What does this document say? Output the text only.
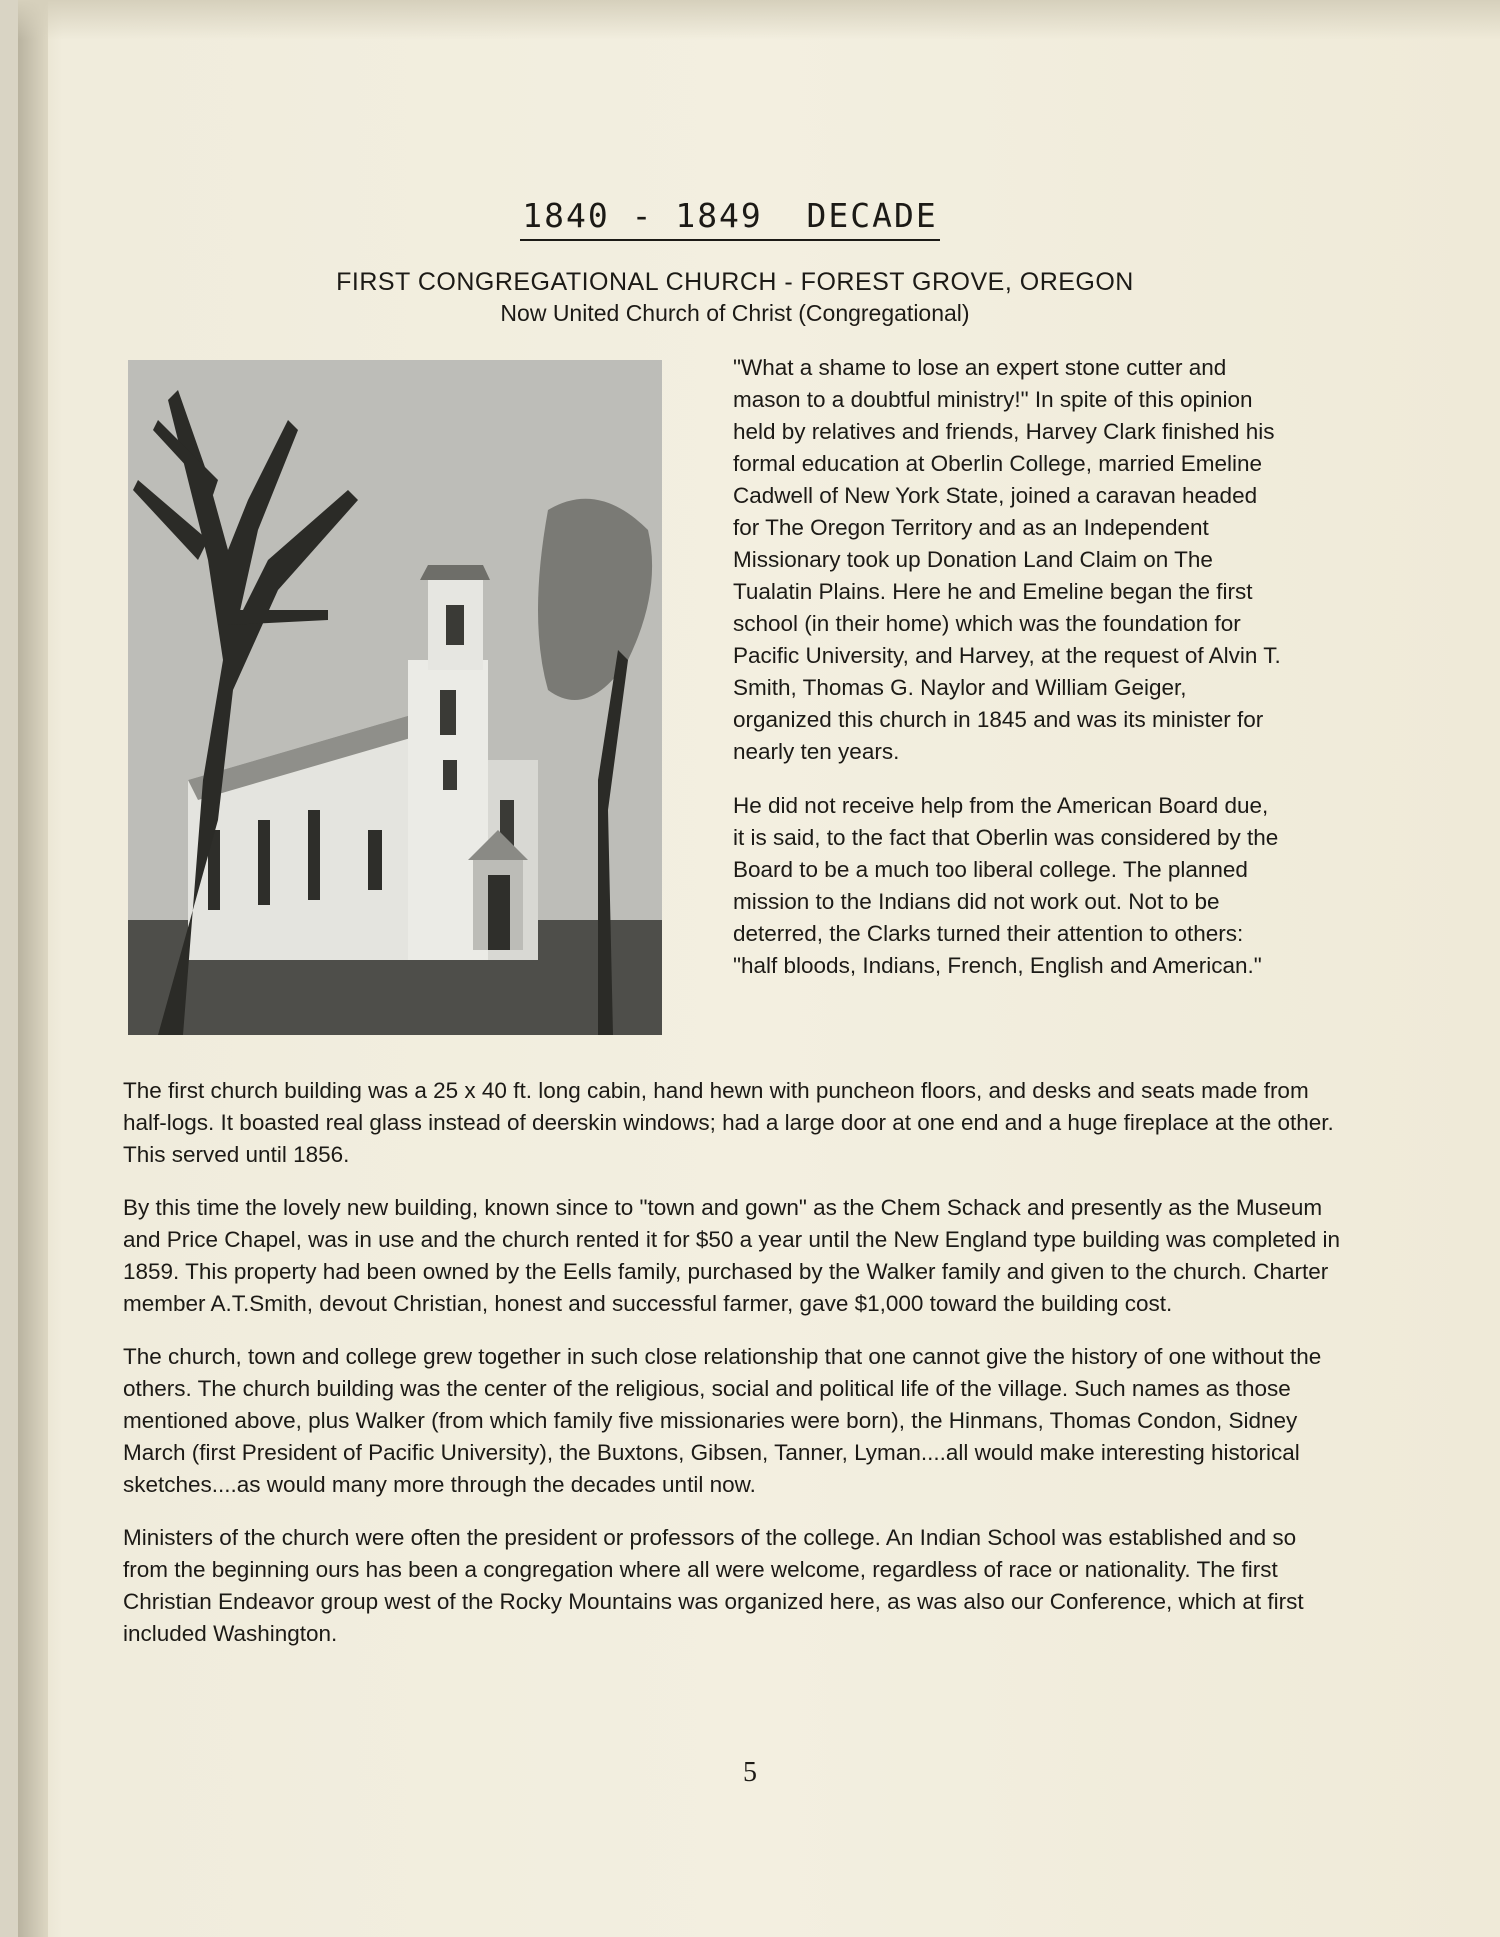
1840 - 1849  DECADE
FIRST CONGREGATIONAL CHURCH - FOREST GROVE, OREGON
Now United Church of Christ (Congregational)

"What a shame to lose an expert stone cutter and mason to a doubtful ministry!" In spite of this opinion held by relatives and friends, Harvey Clark finished his formal education at Oberlin College, married Emeline Cadwell of New York State, joined a caravan headed for The Oregon Territory and as an Independent Missionary took up Donation Land Claim on The Tualatin Plains. Here he and Emeline began the first school (in their home) which was the foundation for Pacific University, and Harvey, at the request of Alvin T. Smith, Thomas G. Naylor and William Geiger, organized this church in 1845 and was its minister for nearly ten years.

He did not receive help from the American Board due, it is said, to the fact that Oberlin was considered by the Board to be a much too liberal college. The planned mission to the Indians did not work out. Not to be deterred, the Clarks turned their attention to others: "half bloods, Indians, French, English and American."

The first church building was a 25 x 40 ft. long cabin, hand hewn with puncheon floors, and desks and seats made from half-logs. It boasted real glass instead of deerskin windows; had a large door at one end and a huge fireplace at the other. This served until 1856.

By this time the lovely new building, known since to "town and gown" as the Chem Schack and presently as the Museum and Price Chapel, was in use and the church rented it for $50 a year until the New England type building was completed in 1859. This property had been owned by the Eells family, purchased by the Walker family and given to the church. Charter member A.T.Smith, devout Christian, honest and successful farmer, gave $1,000 toward the building cost.

The church, town and college grew together in such close relationship that one cannot give the history of one without the others. The church building was the center of the religious, social and political life of the village. Such names as those mentioned above, plus Walker (from which family five missionaries were born), the Hinmans, Thomas Condon, Sidney March (first President of Pacific University), the Buxtons, Gibsen, Tanner, Lyman....all would make interesting historical sketches....as would many more through the decades until now.

Ministers of the church were often the president or professors of the college. An Indian School was established and so from the beginning ours has been a congregation where all were welcome, regardless of race or nationality. The first Christian Endeavor group west of the Rocky Mountains was organized here, as was also our Conference, which at first included Washington.

5
